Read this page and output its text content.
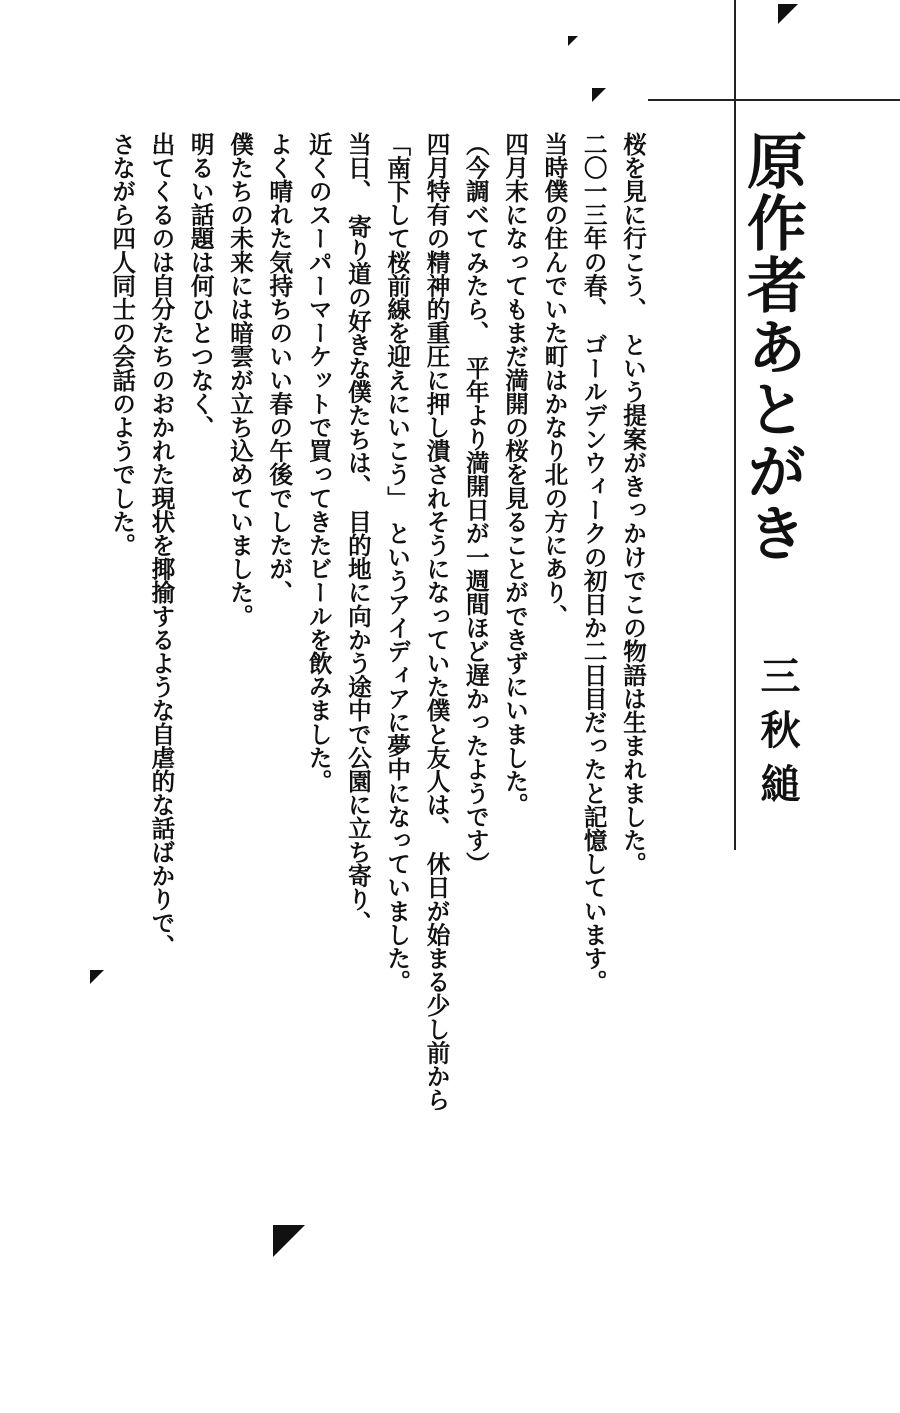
原作者あとがき
三秋縋

桜を見に行こう、　という提案がきっかけでこの物語は生まれました。

二〇一三年の春、　ゴールデンウィークの初日か二日目だったと記憶しています。

当時僕の住んでいた町はかなり北の方にあり、

四月末になってもまだ満開の桜を見ることができずにいました。

（今調べてみたら、　平年より満開日が一週間ほど遅かったようです）

四月特有の精神的重圧に押し潰されそうになっていた僕と友人は、　休日が始まる少し前から

「南下して桜前線を迎えにいこう」　というアイディアに夢中になっていました。

当日、　寄り道の好きな僕たちは、　目的地に向かう途中で公園に立ち寄り、

近くのスーパーマーケットで買ってきたビールを飲みました。

よく晴れた気持ちのいい春の午後でしたが、

僕たちの未来には暗雲が立ち込めていました。

明るい話題は何ひとつなく、

出てくるのは自分たちのおかれた現状を揶揄するような自虐的な話ばかりで、

さながら四人同士の会話のようでした。
